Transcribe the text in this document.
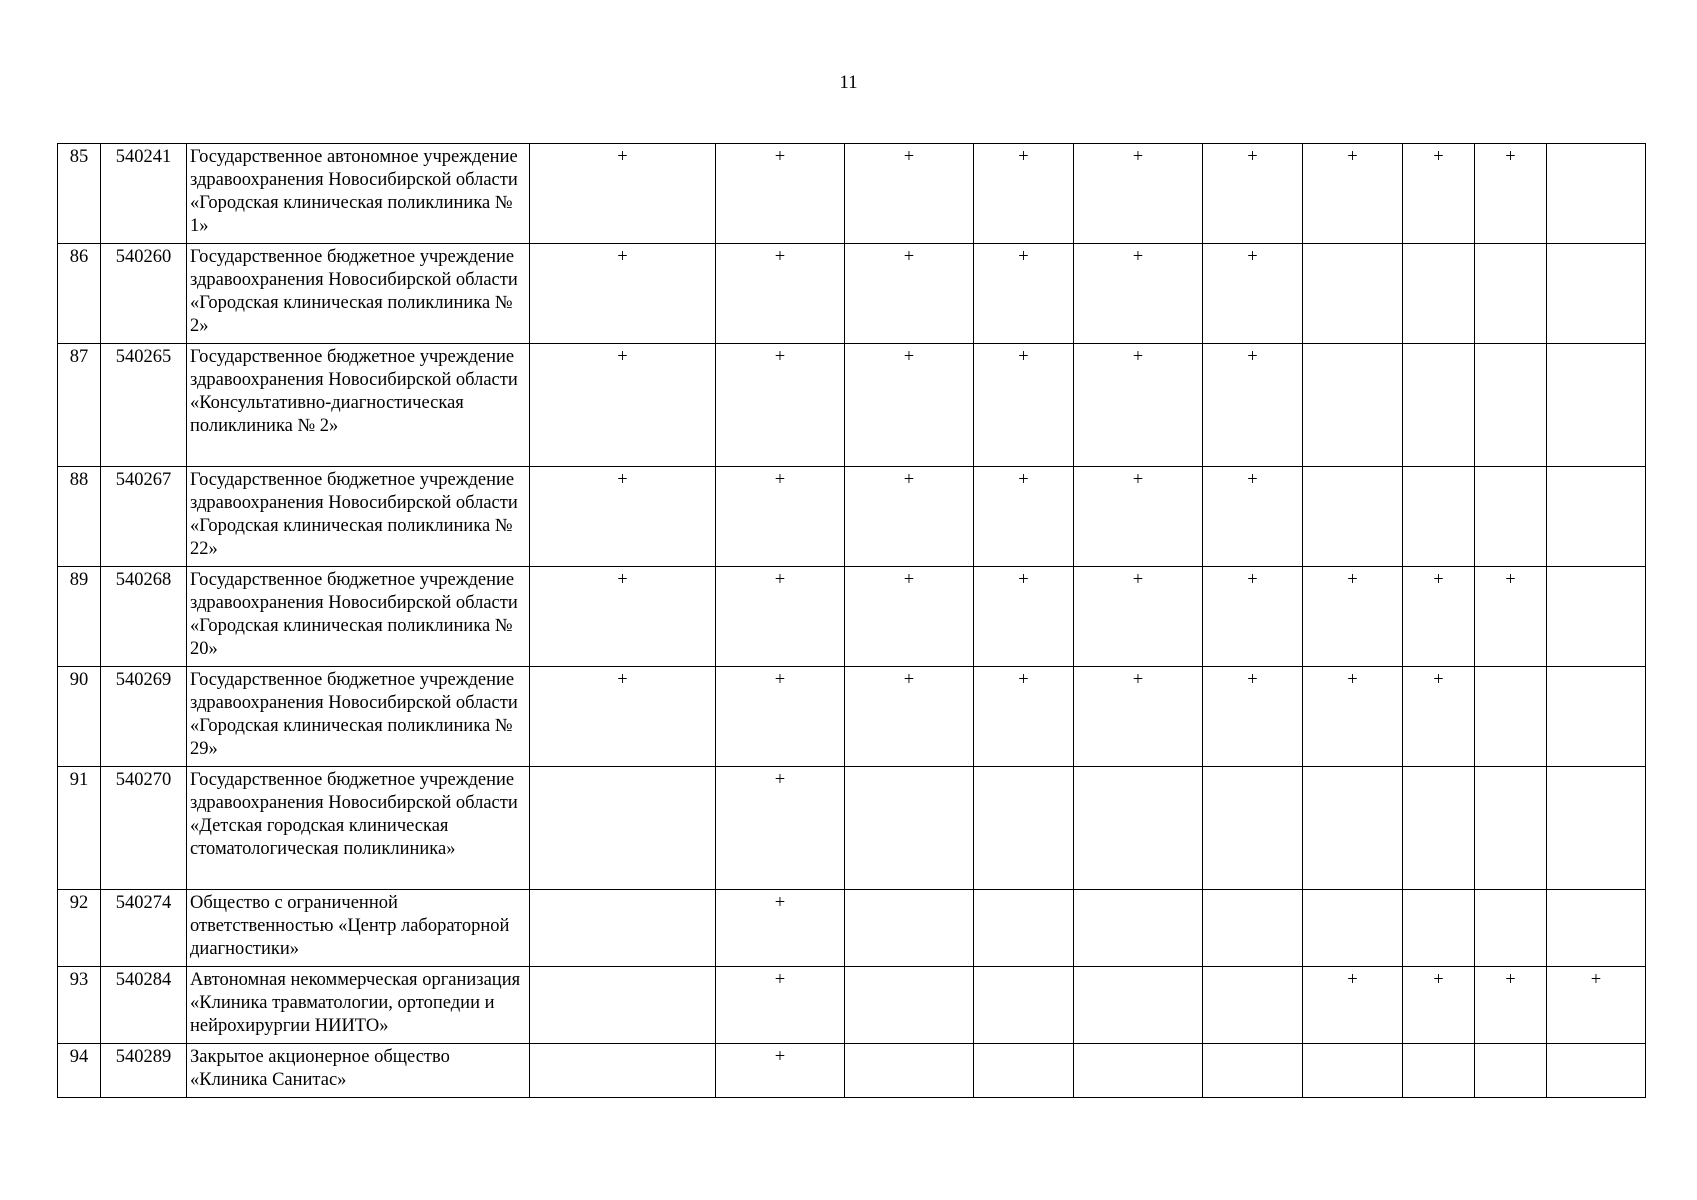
11
85	540241	Государственное автономное учреждение здравоохранения Новосибирской области «Городская клиническая поликлиника № 1»	+	+	+	+	+	+	+	+	+	
86	540260	Государственное бюджетное учреждение здравоохранения Новосибирской области «Городская клиническая поликлиника № 2»	+	+	+	+	+	+				
87	540265	Государственное бюджетное учреждение здравоохранения Новосибирской области «Консультативно-диагностическая поликлиника № 2»	+	+	+	+	+	+				
88	540267	Государственное бюджетное учреждение здравоохранения Новосибирской области «Городская клиническая поликлиника № 22»	+	+	+	+	+	+				
89	540268	Государственное бюджетное учреждение здравоохранения Новосибирской области «Городская клиническая поликлиника № 20»	+	+	+	+	+	+	+	+	+	
90	540269	Государственное бюджетное учреждение здравоохранения Новосибирской области «Городская клиническая поликлиника № 29»	+	+	+	+	+	+	+	+		
91	540270	Государственное бюджетное учреждение здравоохранения Новосибирской области «Детская городская клиническая стоматологическая поликлиника»		+								
92	540274	Общество с ограниченной ответственностью «Центр лабораторной диагностики»		+								
93	540284	Автономная некоммерческая организация «Клиника травматологии, ортопедии и нейрохирургии НИИТО»		+					+	+	+	+
94	540289	Закрытое акционерное общество «Клиника Санитас»		+								
